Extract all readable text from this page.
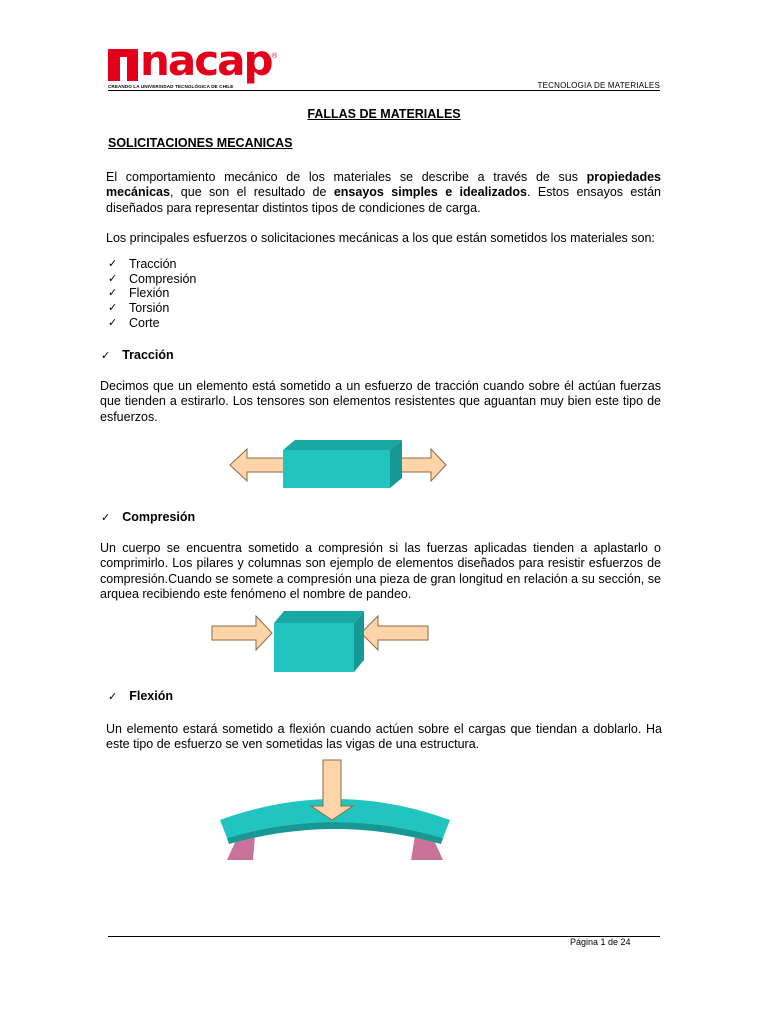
nacap ®
CREANDO LA UNIVERSIDAD TECNOLÓGICA DE CHILE	TECNOLOGIA DE MATERIALES
FALLAS DE MATERIALES
SOLICITACIONES MECANICAS

El comportamiento mecánico de los materiales se describe a través de sus propiedades mecánicas, que son el resultado de ensayos simples e idealizados. Estos ensayos están diseñados para representar distintos tipos de condiciones de carga.

Los principales esfuerzos o solicitaciones mecánicas a los que están sometidos los materiales son:

✓ Tracción
✓ Compresión
✓ Flexión
✓ Torsión
✓ Corte
✓ Tracción

Decimos que un elemento está sometido a un esfuerzo de tracción cuando sobre él actúan fuerzas que tienden a estirarlo. Los tensores son elementos resistentes que aguantan muy bien este tipo de esfuerzos.

✓ Compresión

Un cuerpo se encuentra sometido a compresión si las fuerzas aplicadas tienden a aplastarlo o comprimirlo. Los pilares y columnas son ejemplo de elementos diseñados para resistir esfuerzos de compresión.Cuando se somete a compresión una pieza de gran longitud en relación a su sección, se arquea recibiendo este fenómeno el nombre de pandeo.

✓ Flexión

Un elemento estará sometido a flexión cuando actúen sobre el cargas que tiendan a doblarlo. Ha este tipo de esfuerzo se ven sometidas las vigas de una estructura.

Página 1 de 24
